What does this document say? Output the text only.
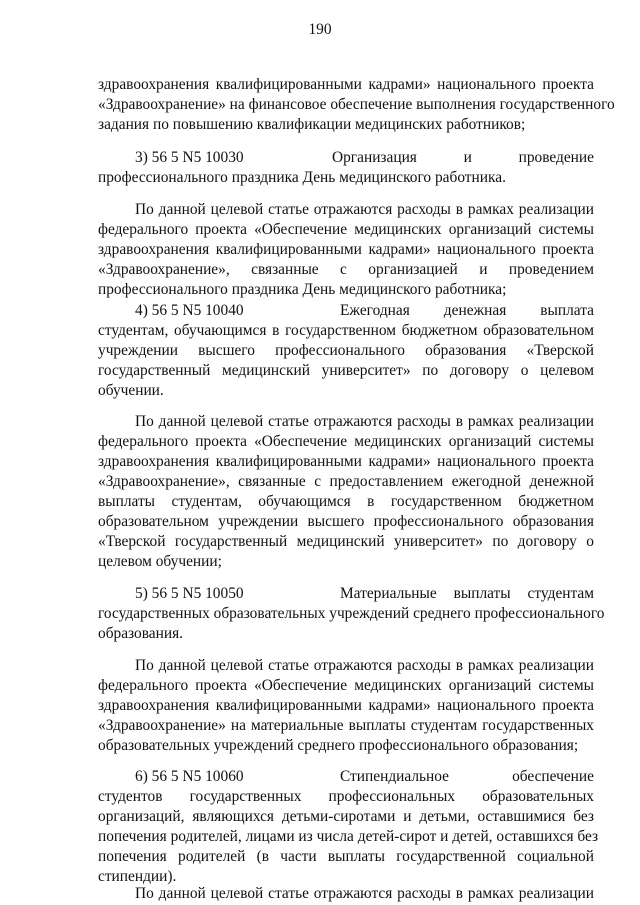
190
здравоохранения квалифицированными кадрами» национального проекта
«Здравоохранение» на финансовое обеспечение выполнения государственного
задания по повышению квалификации медицинских работников;
3) 56 5 N5 10030	Организация	и	проведение
профессионального праздника День медицинского работника.
По данной целевой статье отражаются расходы в рамках реализации
федерального проекта «Обеспечение медицинских организаций системы
здравоохранения квалифицированными кадрами» национального проекта
«Здравоохранение», связанные с организацией и проведением
профессионального праздника День медицинского работника;
4) 56 5 N5 10040	Ежегодная денежная выплата
студентам, обучающимся в государственном бюджетном образовательном
учреждении высшего профессионального образования «Тверской
государственный медицинский университет» по договору о целевом
обучении.
По данной целевой статье отражаются расходы в рамках реализации
федерального проекта «Обеспечение медицинских организаций системы
здравоохранения квалифицированными кадрами» национального проекта
«Здравоохранение», связанные с предоставлением ежегодной денежной
выплаты студентам, обучающимся в государственном бюджетном
образовательном учреждении высшего профессионального образования
«Тверской государственный медицинский университет» по договору о
целевом обучении;
5) 56 5 N5 10050	Материальные выплаты студентам
государственных образовательных учреждений среднего профессионального
образования.
По данной целевой статье отражаются расходы в рамках реализации
федерального проекта «Обеспечение медицинских организаций системы
здравоохранения квалифицированными кадрами» национального проекта
«Здравоохранение» на материальные выплаты студентам государственных
образовательных учреждений среднего профессионального образования;
6) 56 5 N5 10060	Стипендиальное	обеспечение
студентов государственных профессиональных образовательных
организаций, являющихся детьми-сиротами и детьми, оставшимися без
попечения родителей, лицами из числа детей-сирот и детей, оставшихся без
попечения родителей (в части выплаты государственной социальной
стипендии).
По данной целевой статье отражаются расходы в рамках реализации
